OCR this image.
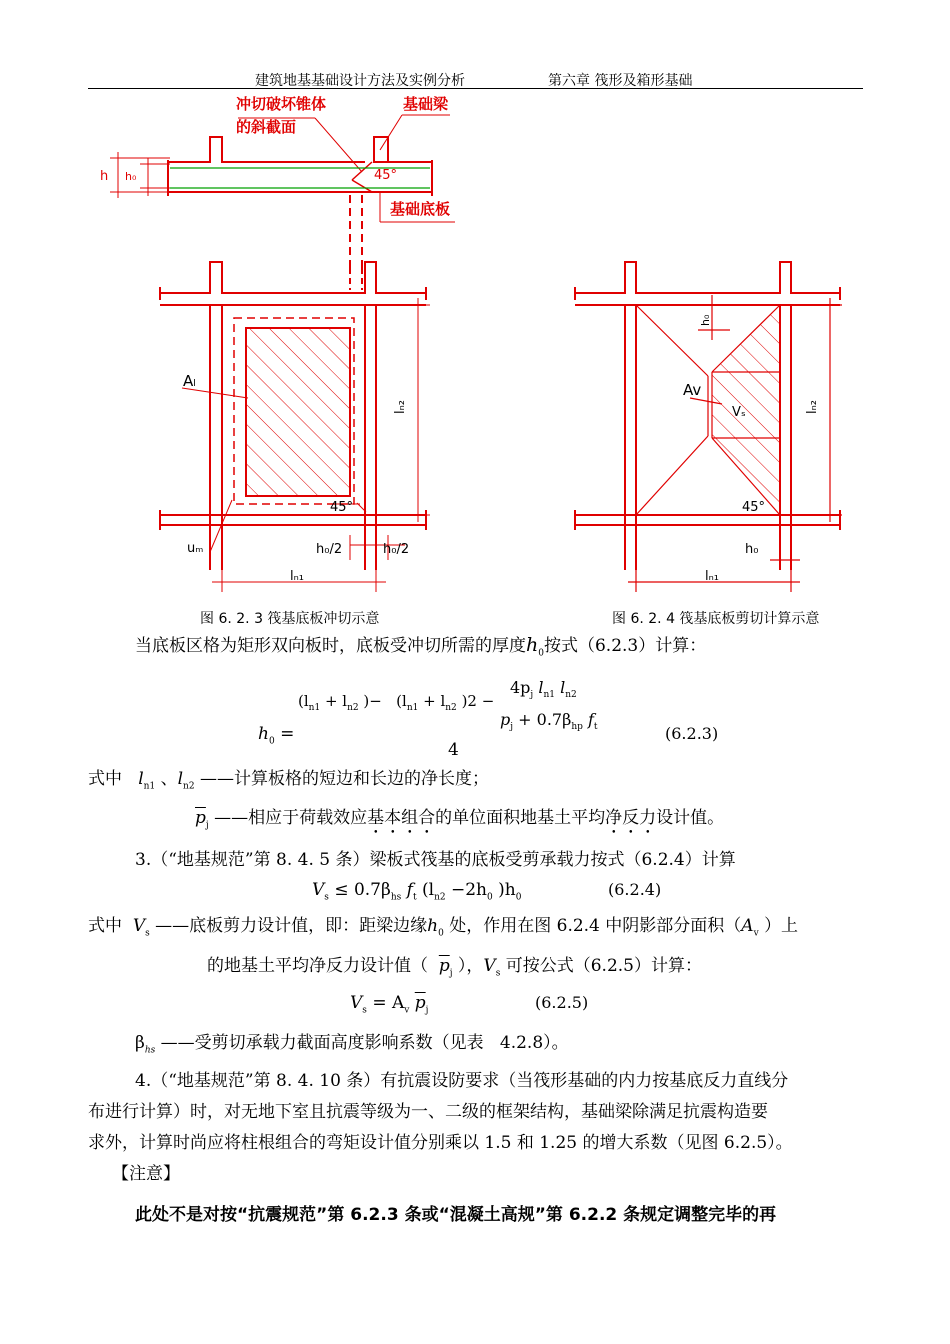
建筑地基基础设计方法及实例分析	第六章 筏形及箱形基础
冲切破坏锥体
的斜截面
基础梁
基础底板
45°
h h₀
Aₗ
uₘ
45°
h₀/2	h₀/2
lₙ₁
lₙ₂
Av
Vₛ
45°
h₀
h₀
lₙ₁
lₙ₂
图 6. 2. 3 筏基底板冲切示意	图 6. 2. 4 筏基底板剪切计算示意
当底板区格为矩形双向板时，底板受冲切所需的厚度$h_0$按式（6.2.3）计算：
($l_{n1} + l_{n2}$ )− ($l_{n1} + l_{n2}$ )2 −
$4p_j$ $l_{n1}$ $l_{n2}$
$p_j + 0.7\beta_{hp}$ $f_t$
$h_0$ =
4
(6.2.3)
式中 $l_{n1}$ 、$l_{n2}$ ——计算板格的短边和长边的净长度；
$\overline{p}_j$ ——相应于荷载效应基本组合的单位面积地基土平均净反力设计值。
3.（“地基规范”第 8. 4. 5 条）梁板式筏基的底板受剪承载力按式（6.2.4）计算
$V_s \le 0.7\beta_{hs}$ $f_t$ ($l_{n2} -2h_0$ )$h_0$	(6.2.4)
式中 $V_s$ ——底板剪力设计值，即：距梁边缘$h_0$ 处，作用在图 6.2.4 中阴影部分面积（$A_v$ ）上
的地基土平均净反力设计值（ $\overline{p}_j$ ），$V_s$ 可按公式（6.2.5）计算：
$V_s = A_v$ $\overline{p}_j$	(6.2.5)
$\beta_{hs}$ ——受剪切承载力截面高度影响系数（见表 4.2.8）。
4.（“地基规范”第 8. 4. 10 条）有抗震设防要求（当筏形基础的内力按基底反力直线分
布进行计算）时，对无地下室且抗震等级为一、二级的框架结构，基础梁除满足抗震构造要
求外，计算时尚应将柱根组合的弯矩设计值分别乘以 1.5 和 1.25 的增大系数（见图 6.2.5）。
【注意】
此处不是对按“抗震规范”第 6.2.3 条或“混凝土高规”第 6.2.2 条规定调整完毕的再
